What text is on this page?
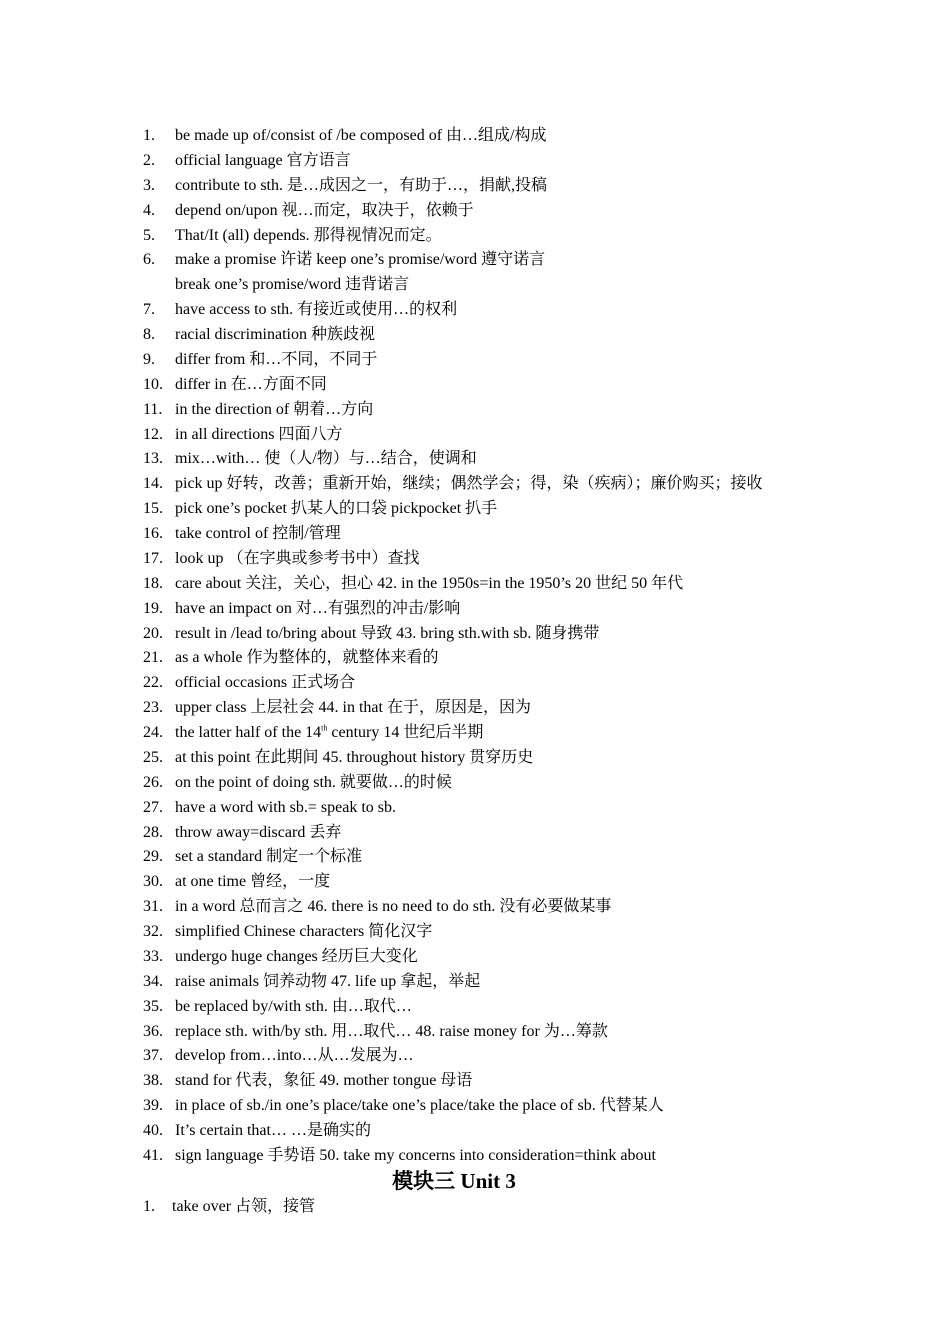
1. be made up of/consist of /be composed of 由…组成/构成
2. official language 官方语言
3. contribute to sth. 是…成因之一，有助于…，捐献,投稿
4. depend on/upon 视…而定，取决于，依赖于
5. That/It (all) depends. 那得视情况而定。
6. make a promise 许诺 keep one’s promise/word 遵守诺言
break one’s promise/word 违背诺言
7. have access to sth. 有接近或使用…的权利
8. racial discrimination 种族歧视
9. differ from 和…不同，不同于
10. differ in 在…方面不同
11. in the direction of 朝着…方向
12. in all directions 四面八方
13. mix…with… 使（人/物）与…结合，使调和
14. pick up 好转，改善；重新开始，继续；偶然学会；得，染（疾病）；廉价购买；接收
15. pick one’s pocket 扒某人的口袋 pickpocket 扒手
16. take control of 控制/管理
17. look up （在字典或参考书中）查找
18. care about 关注，关心，担心 42. in the 1950s=in the 1950’s 20 世纪 50 年代
19. have an impact on 对…有强烈的冲击/影响
20. result in /lead to/bring about 导致 43. bring sth.with sb. 随身携带
21. as a whole 作为整体的，就整体来看的
22. official occasions 正式场合
23. upper class 上层社会 44. in that 在于，原因是，因为
24. the latter half of the 14th century 14 世纪后半期
25. at this point 在此期间 45. throughout history 贯穿历史
26. on the point of doing sth. 就要做…的时候
27. have a word with sb.= speak to sb.
28. throw away=discard 丢弃
29. set a standard 制定一个标准
30. at one time 曾经，一度
31. in a word 总而言之 46. there is no need to do sth. 没有必要做某事
32. simplified Chinese characters 简化汉字
33. undergo huge changes 经历巨大变化
34. raise animals 饲养动物 47. life up 拿起，举起
35. be replaced by/with sth. 由…取代…
36. replace sth. with/by sth. 用…取代… 48. raise money for 为…筹款
37. develop from…into…从…发展为…
38. stand for 代表，象征 49. mother tongue 母语
39. in place of sb./in one’s place/take one’s place/take the place of sb. 代替某人
40. It’s certain that… …是确实的
41. sign language 手势语 50. take my concerns into consideration=think about
模块三 Unit 3
1. take over 占领，接管
